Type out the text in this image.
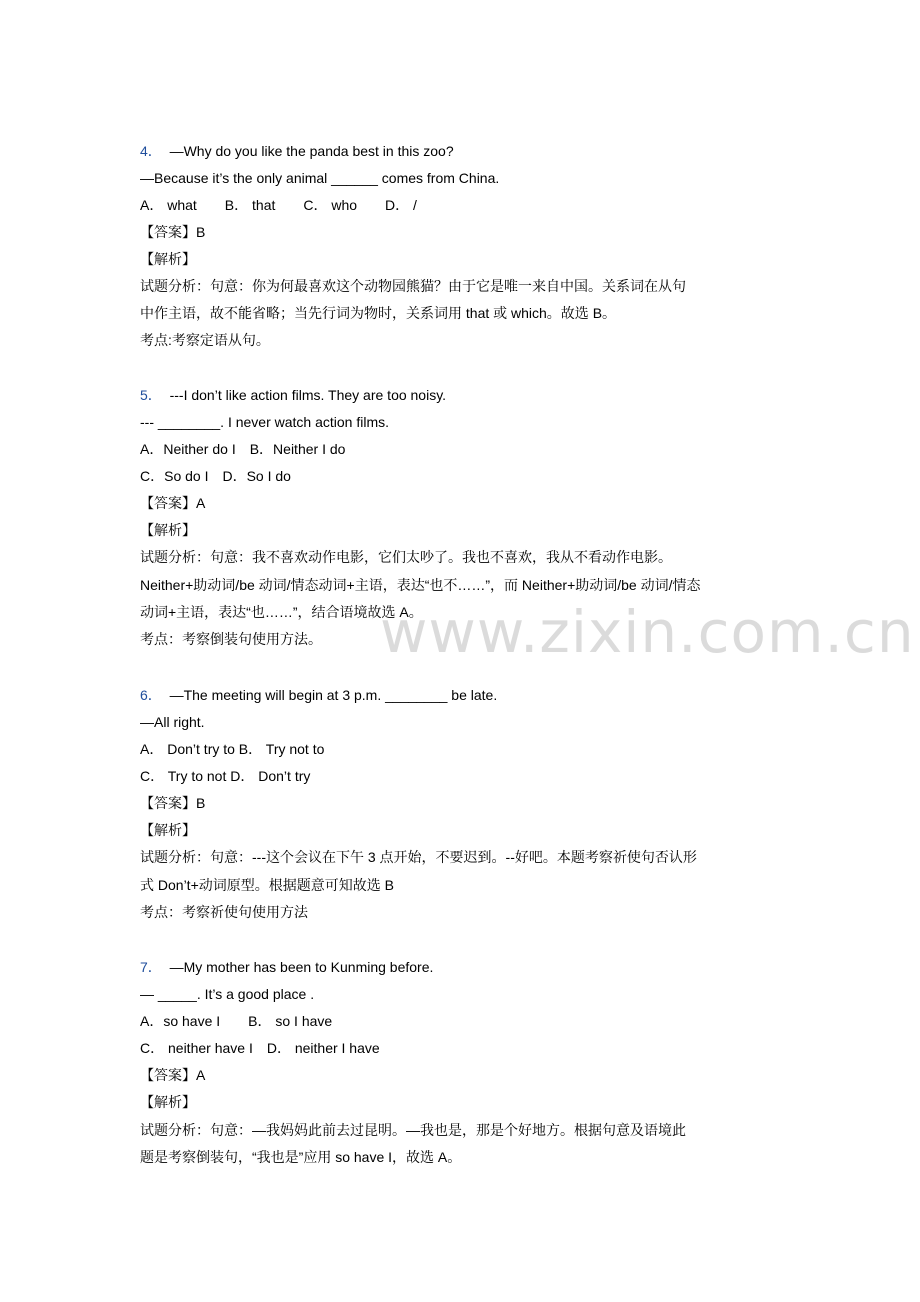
4． —Why do you like the panda best in this zoo?
—Because it’s the only animal ______ comes from China.
A． what　　B． that　　C． who　　D． /
【答案】B
【解析】
试题分析：句意：你为何最喜欢这个动物园熊猫？由于它是唯一来自中国。关系词在从句
中作主语，故不能省略；当先行词为物时，关系词用 that 或 which。故选 B。
考点:考察定语从句。
5． ---I don’t like action films. They are too noisy.
--- ________. I never watch action films.
A．Neither do I　B．Neither I do
C．So do I　D．So I do
【答案】A
【解析】
试题分析：句意：我不喜欢动作电影，它们太吵了。我也不喜欢，我从不看动作电影。
Neither+助动词/be 动词/情态动词+主语，表达“也不……”，而 Neither+助动词/be 动词/情态
动词+主语，表达“也……”，结合语境故选 A。
考点：考察倒装句使用方法。
6． —The meeting will begin at 3 p.m. ________ be late.
—All right.
A． Don’t try to B． Try not to
C． Try to not D． Don’t try
【答案】B
【解析】
试题分析：句意：---这个会议在下午 3 点开始，不要迟到。--好吧。本题考察祈使句否认形
式 Don’t+动词原型。根据题意可知故选 B
考点：考察祈使句使用方法
7． —My mother has been to Kunming before.
— _____. It’s a good place .
A．so have I　　B． so I have
C． neither have I　D． neither I have
【答案】A
【解析】
试题分析：句意：—我妈妈此前去过昆明。—我也是，那是个好地方。根据句意及语境此
题是考察倒装句，“我也是”应用 so have I，故选 A。
www.zixin.com.cn
